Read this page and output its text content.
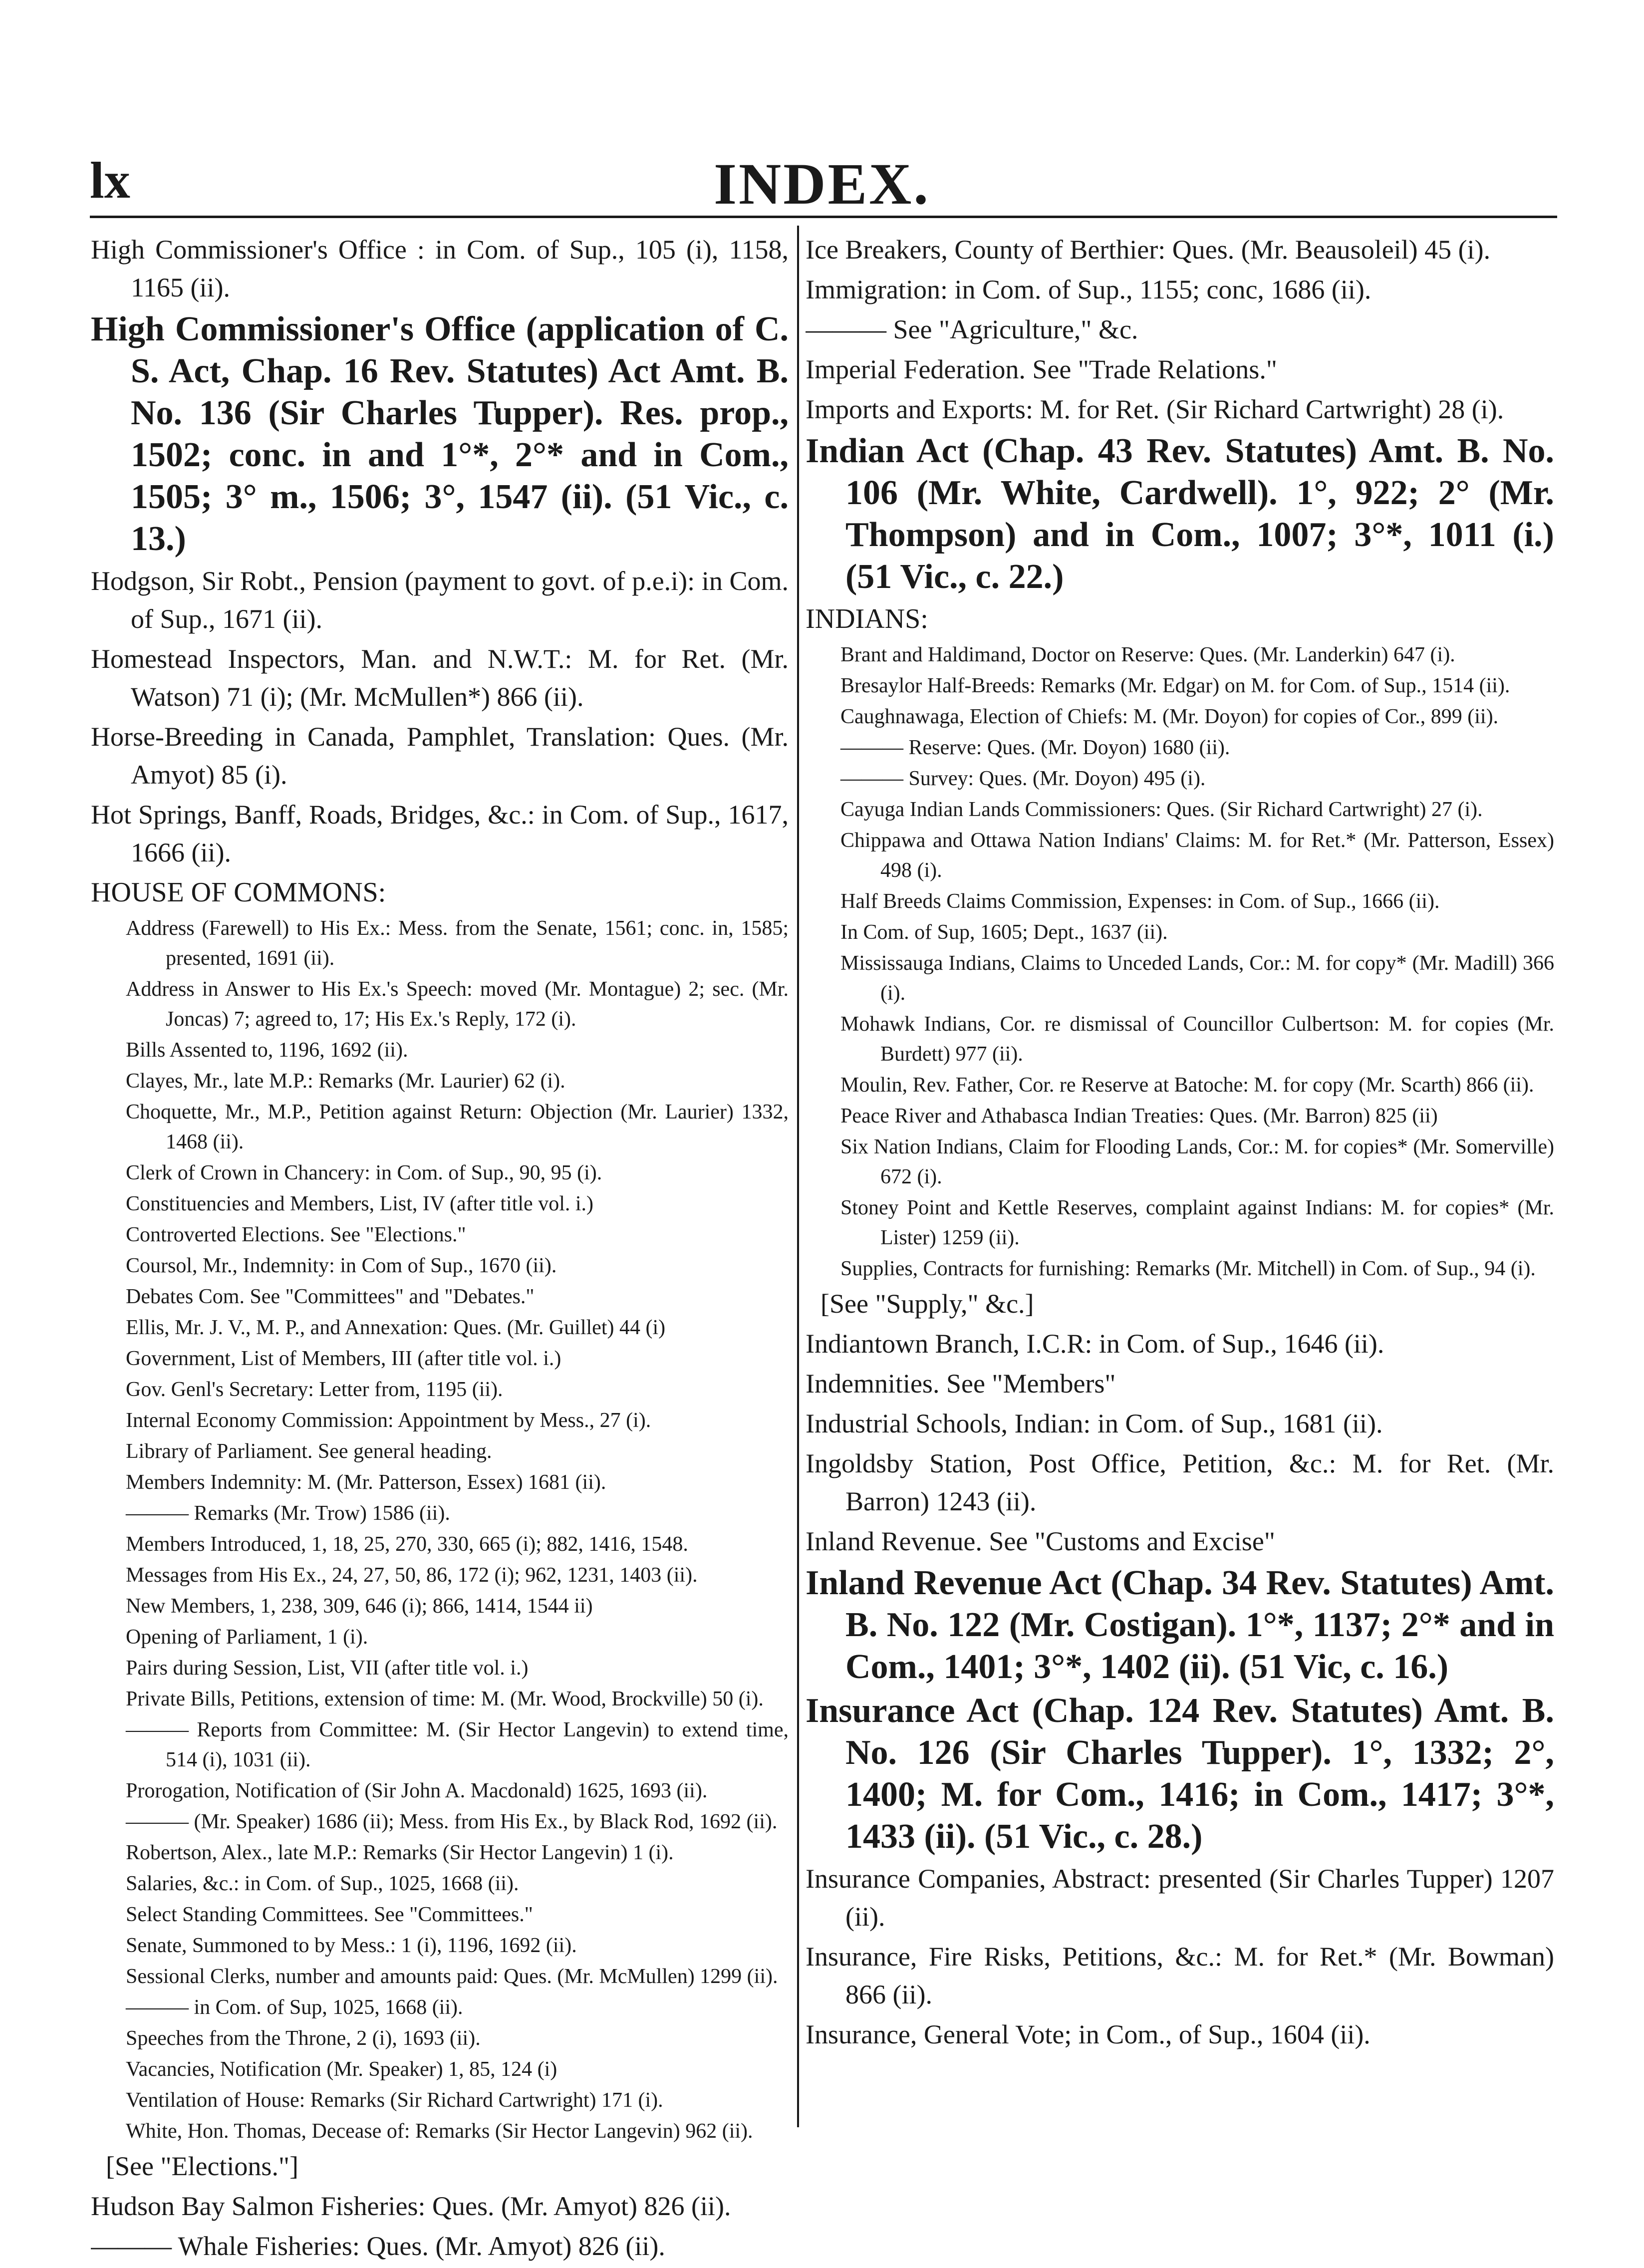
lx	INDEX.

High Commissioner's Office : in Com. of Sup., 105 (i), 1158, 1165 (ii).

High Commissioner's Office (application of C. S. Act, Chap. 16 Rev. Statutes) Act Amt. B. No. 136 (Sir Charles Tupper). Res. prop., 1502; conc. in and 1°*, 2°* and in Com., 1505; 3° m., 1506; 3°, 1547 (ii). (51 Vic., c. 13.)

Hodgson, Sir Robt., Pension (payment to govt. of p.e.i): in Com. of Sup., 1671 (ii).

Homestead Inspectors, Man. and N.W.T.: M. for Ret. (Mr. Watson) 71 (i); (Mr. McMullen*) 866 (ii).

Horse-Breeding in Canada, Pamphlet, Translation: Ques. (Mr. Amyot) 85 (i).

Hot Springs, Banff, Roads, Bridges, &c.: in Com. of Sup., 1617, 1666 (ii).

HOUSE OF COMMONS:

Address (Farewell) to His Ex.: Mess. from the Senate, 1561; conc. in, 1585; presented, 1691 (ii).

Address in Answer to His Ex.'s Speech: moved (Mr. Montague) 2; sec. (Mr. Joncas) 7; agreed to, 17; His Ex.'s Reply, 172 (i).

Bills Assented to, 1196, 1692 (ii).

Clayes, Mr., late M.P.: Remarks (Mr. Laurier) 62 (i).

Choquette, Mr., M.P., Petition against Return: Objection (Mr. Laurier) 1332, 1468 (ii).

Clerk of Crown in Chancery: in Com. of Sup., 90, 95 (i).

Constituencies and Members, List, IV (after title vol. i.)

Controverted Elections. See "Elections."

Coursol, Mr., Indemnity: in Com of Sup., 1670 (ii).

Debates Com. See "Committees" and "Debates."

Ellis, Mr. J. V., M. P., and Annexation: Ques. (Mr. Guillet) 44 (i)

Government, List of Members, III (after title vol. i.)

Gov. Genl's Secretary: Letter from, 1195 (ii).

Internal Economy Commission: Appointment by Mess., 27 (i).

Library of Parliament. See general heading.

Members Indemnity: M. (Mr. Patterson, Essex) 1681 (ii).

——— Remarks (Mr. Trow) 1586 (ii).

Members Introduced, 1, 18, 25, 270, 330, 665 (i); 882, 1416, 1548.

Messages from His Ex., 24, 27, 50, 86, 172 (i); 962, 1231, 1403 (ii).

New Members, 1, 238, 309, 646 (i); 866, 1414, 1544 ii)

Opening of Parliament, 1 (i).

Pairs during Session, List, VII (after title vol. i.)

Private Bills, Petitions, extension of time: M. (Mr. Wood, Brockville) 50 (i).

——— Reports from Committee: M. (Sir Hector Langevin) to extend time, 514 (i), 1031 (ii).

Prorogation, Notification of (Sir John A. Macdonald) 1625, 1693 (ii).

——— (Mr. Speaker) 1686 (ii); Mess. from His Ex., by Black Rod, 1692 (ii).

Robertson, Alex., late M.P.: Remarks (Sir Hector Langevin) 1 (i).

Salaries, &c.: in Com. of Sup., 1025, 1668 (ii).

Select Standing Committees. See "Committees."

Senate, Summoned to by Mess.: 1 (i), 1196, 1692 (ii).

Sessional Clerks, number and amounts paid: Ques. (Mr. McMullen) 1299 (ii).

——— in Com. of Sup, 1025, 1668 (ii).

Speeches from the Throne, 2 (i), 1693 (ii).

Vacancies, Notification (Mr. Speaker) 1, 85, 124 (i)

Ventilation of House: Remarks (Sir Richard Cartwright) 171 (i).

White, Hon. Thomas, Decease of: Remarks (Sir Hector Langevin) 962 (ii).

[See "Elections."]

Hudson Bay Salmon Fisheries: Ques. (Mr. Amyot) 826 (ii).

——— Whale Fisheries: Ques. (Mr. Amyot) 826 (ii).

Ice Breakers, County of Berthier: Ques. (Mr. Beausoleil) 45 (i).

Immigration: in Com. of Sup., 1155; conc, 1686 (ii).

——— See "Agriculture," &c.

Imperial Federation. See "Trade Relations."

Imports and Exports: M. for Ret. (Sir Richard Cartwright) 28 (i).

Indian Act (Chap. 43 Rev. Statutes) Amt. B. No. 106 (Mr. White, Cardwell). 1°, 922; 2° (Mr. Thompson) and in Com., 1007; 3°*, 1011 (i.) (51 Vic., c. 22.)

INDIANS:

Brant and Haldimand, Doctor on Reserve: Ques. (Mr. Landerkin) 647 (i).

Bresaylor Half-Breeds: Remarks (Mr. Edgar) on M. for Com. of Sup., 1514 (ii).

Caughnawaga, Election of Chiefs: M. (Mr. Doyon) for copies of Cor., 899 (ii).

——— Reserve: Ques. (Mr. Doyon) 1680 (ii).

——— Survey: Ques. (Mr. Doyon) 495 (i).

Cayuga Indian Lands Commissioners: Ques. (Sir Richard Cartwright) 27 (i).

Chippawa and Ottawa Nation Indians' Claims: M. for Ret.* (Mr. Patterson, Essex) 498 (i).

Half Breeds Claims Commission, Expenses: in Com. of Sup., 1666 (ii).

In Com. of Sup, 1605; Dept., 1637 (ii).

Mississauga Indians, Claims to Unceded Lands, Cor.: M. for copy* (Mr. Madill) 366 (i).

Mohawk Indians, Cor. re dismissal of Councillor Culbertson: M. for copies (Mr. Burdett) 977 (ii).

Moulin, Rev. Father, Cor. re Reserve at Batoche: M. for copy (Mr. Scarth) 866 (ii).

Peace River and Athabasca Indian Treaties: Ques. (Mr. Barron) 825 (ii)

Six Nation Indians, Claim for Flooding Lands, Cor.: M. for copies* (Mr. Somerville) 672 (i).

Stoney Point and Kettle Reserves, complaint against Indians: M. for copies* (Mr. Lister) 1259 (ii).

Supplies, Contracts for furnishing: Remarks (Mr. Mitchell) in Com. of Sup., 94 (i).

[See "Supply," &c.]

Indiantown Branch, I.C.R: in Com. of Sup., 1646 (ii).

Indemnities. See "Members"

Industrial Schools, Indian: in Com. of Sup., 1681 (ii).

Ingoldsby Station, Post Office, Petition, &c.: M. for Ret. (Mr. Barron) 1243 (ii).

Inland Revenue. See "Customs and Excise"

Inland Revenue Act (Chap. 34 Rev. Statutes) Amt. B. No. 122 (Mr. Costigan). 1°*, 1137; 2°* and in Com., 1401; 3°*, 1402 (ii). (51 Vic, c. 16.)

Insurance Act (Chap. 124 Rev. Statutes) Amt. B. No. 126 (Sir Charles Tupper). 1°, 1332; 2°, 1400; M. for Com., 1416; in Com., 1417; 3°*, 1433 (ii). (51 Vic., c. 28.)

Insurance Companies, Abstract: presented (Sir Charles Tupper) 1207 (ii).

Insurance, Fire Risks, Petitions, &c.: M. for Ret.* (Mr. Bowman) 866 (ii).

Insurance, General Vote; in Com., of Sup., 1604 (ii).
